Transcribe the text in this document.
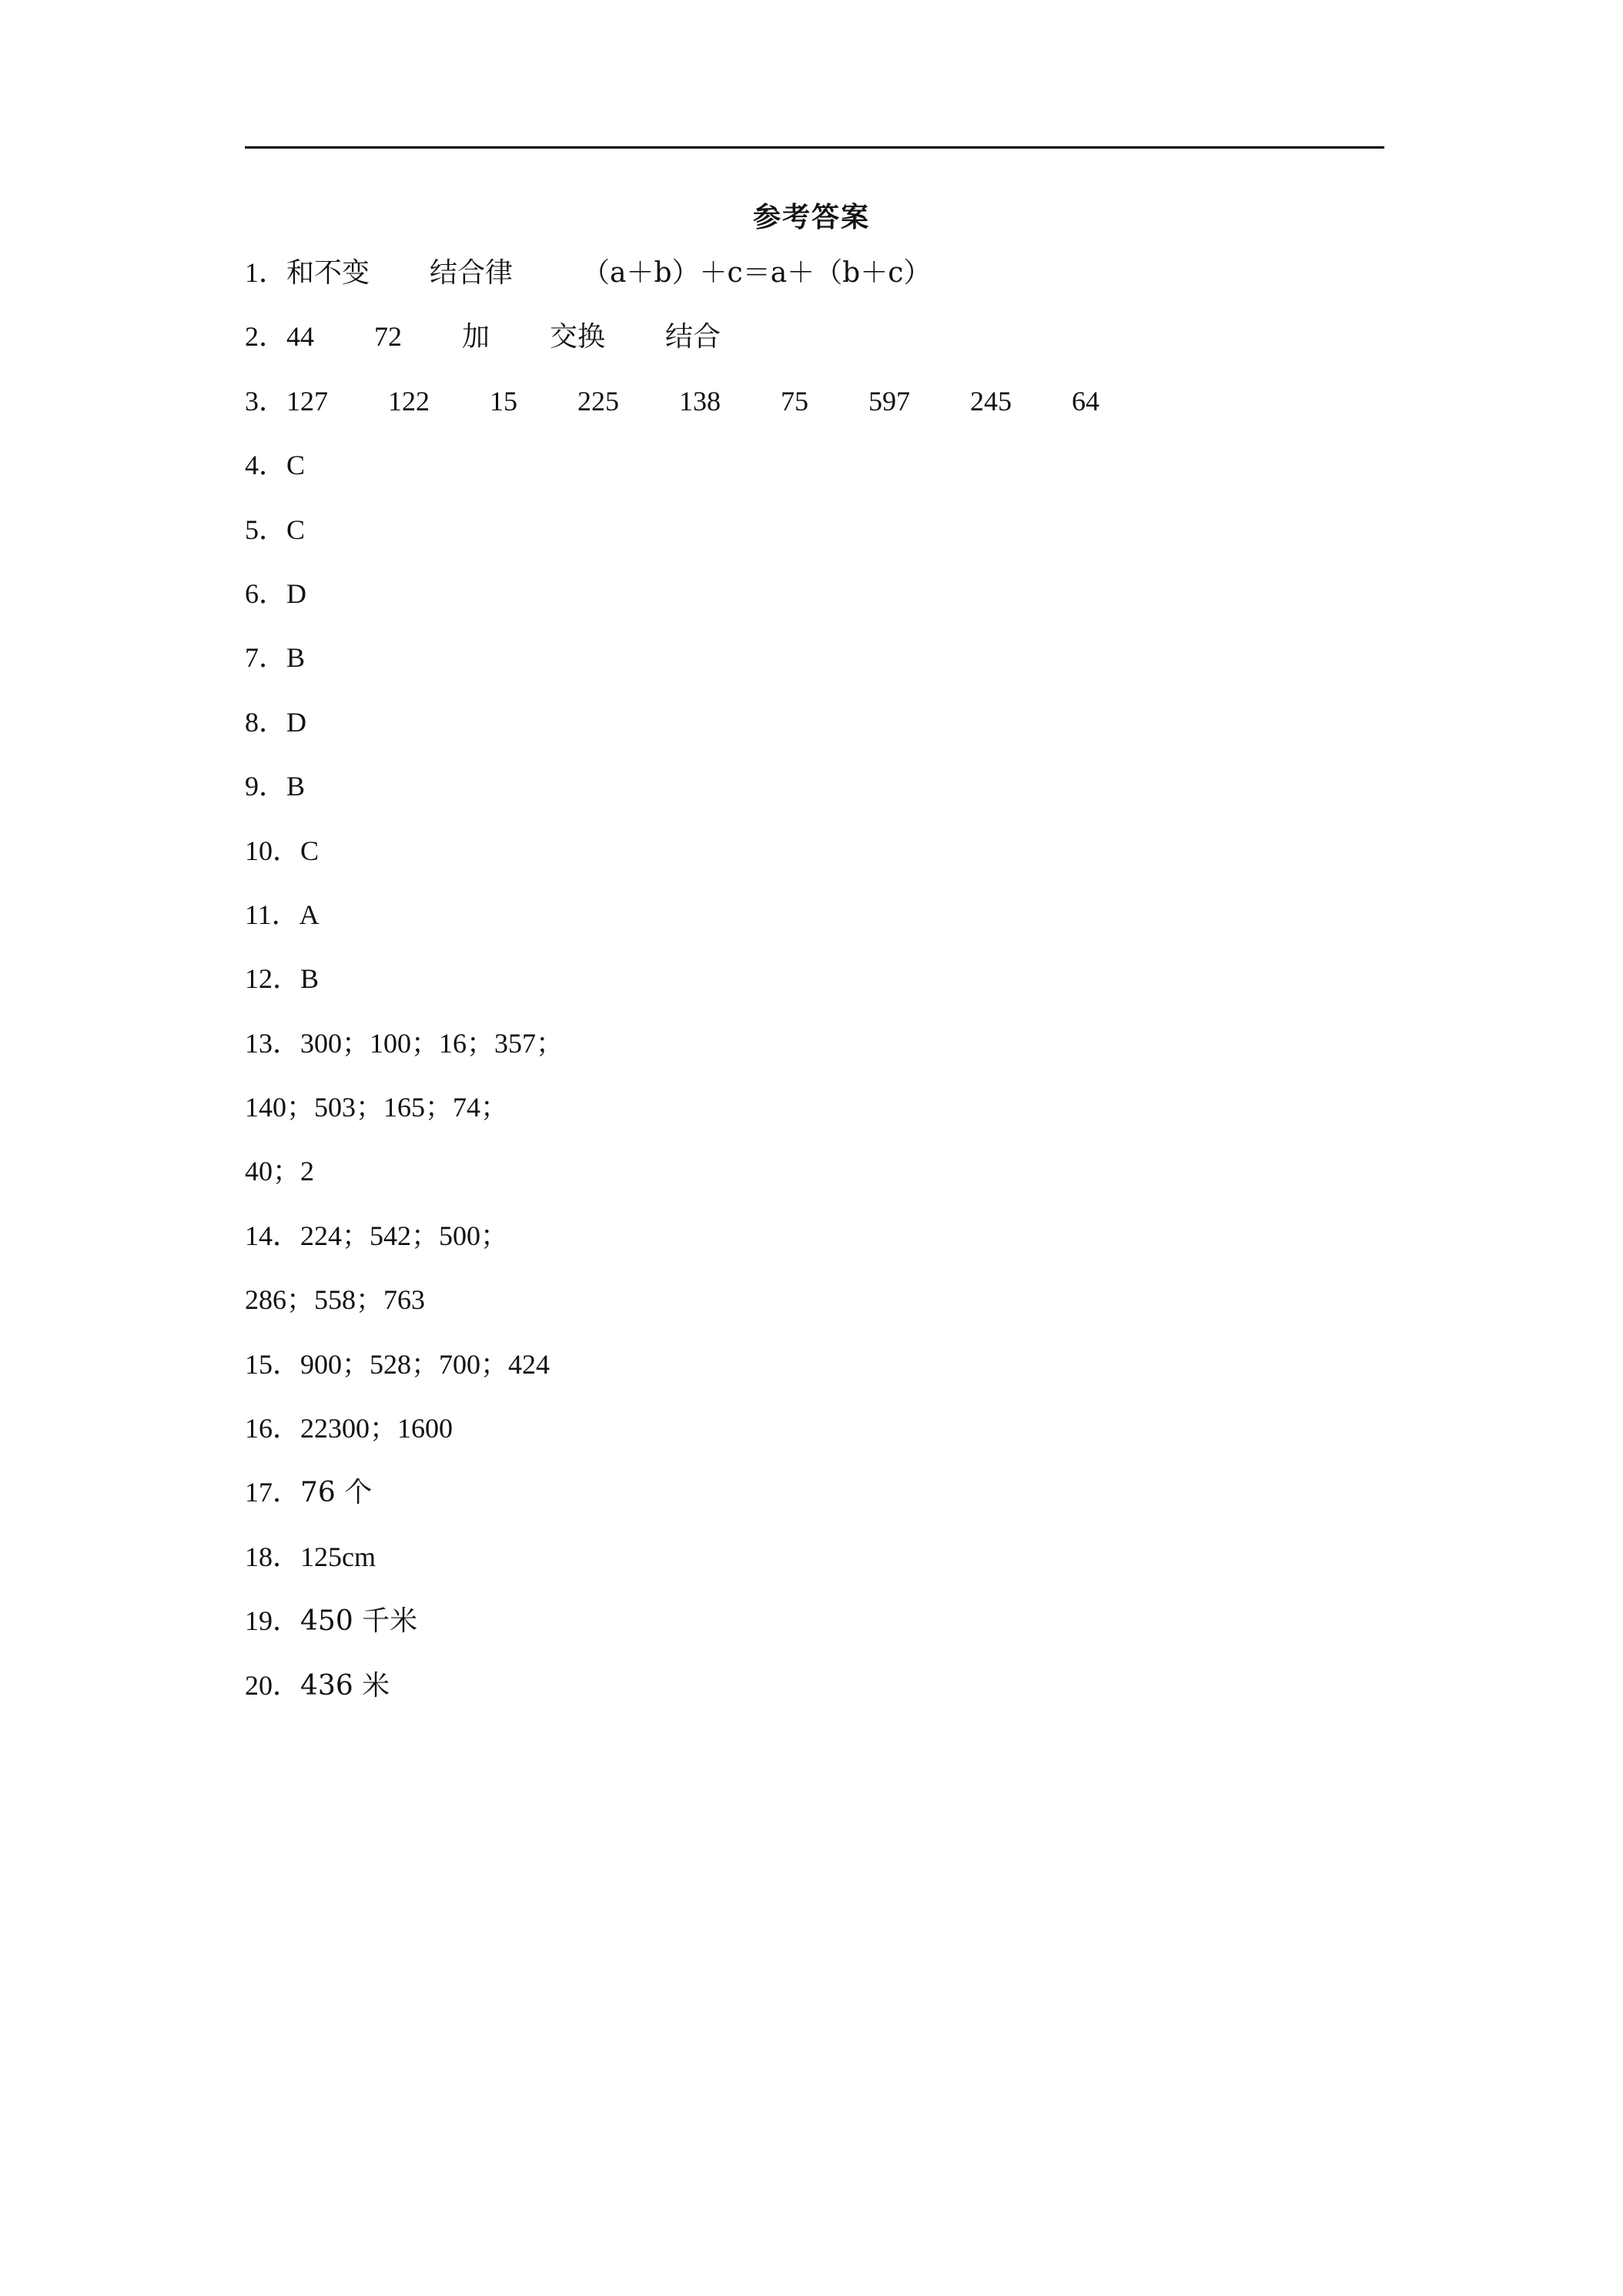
参考答案
1．和不变 结合律	（a＋b）＋c＝a＋（b＋c）
2．44 72 加 交换 结合
3．127 122 15 225 138 75 597 245 64
4．C
5．C
6．D
7．B
8．D
9．B
10．C
11．A
12．B
13．300；100；16；357；
140；503；165；74；
40；2
14．224；542；500；
286；558；763
15．900；528；700；424
16．22300；1600
17．76 个
18．125cm
19．450 千米
20．436 米
